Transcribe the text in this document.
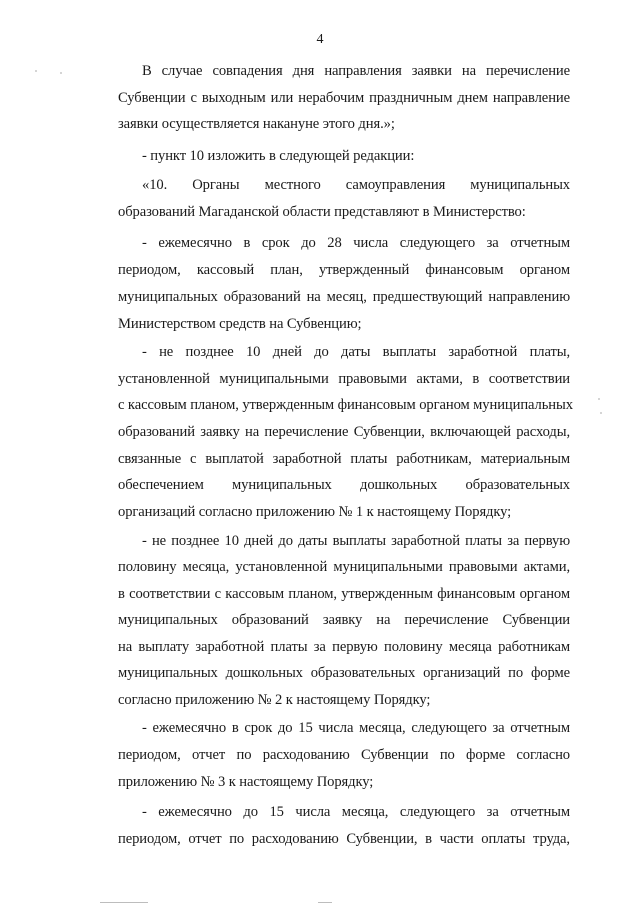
4
В случае совпадения дня направления заявки на перечисление
Субвенции с выходным или нерабочим праздничным днем направление
заявки осуществляется накануне этого дня.»;
- пункт 10 изложить в следующей редакции:
«10. Органы местного самоуправления муниципальных
образований Магаданской области представляют в Министерство:
- ежемесячно в срок до 28 числа следующего за отчетным
периодом, кассовый план, утвержденный финансовым органом
муниципальных образований на месяц, предшествующий направлению
Министерством средств на Субвенцию;
- не позднее 10 дней до даты выплаты заработной платы,
установленной муниципальными правовыми актами, в соответствии
с кассовым планом, утвержденным финансовым органом муниципальных
образований заявку на перечисление Субвенции, включающей расходы,
связанные с выплатой заработной платы работникам, материальным
обеспечением муниципальных дошкольных образовательных
организаций согласно приложению № 1 к настоящему Порядку;
- не позднее 10 дней до даты выплаты заработной платы за первую
половину месяца, установленной муниципальными правовыми актами,
в соответствии с кассовым планом, утвержденным финансовым органом
муниципальных образований заявку на перечисление Субвенции
на выплату заработной платы за первую половину месяца работникам
муниципальных дошкольных образовательных организаций по форме
согласно приложению № 2 к настоящему Порядку;
- ежемесячно в срок до 15 числа месяца, следующего за отчетным
периодом, отчет по расходованию Субвенции по форме согласно
приложению № 3 к настоящему Порядку;
- ежемесячно до 15 числа месяца, следующего за отчетным
периодом, отчет по расходованию Субвенции, в части оплаты труда,
